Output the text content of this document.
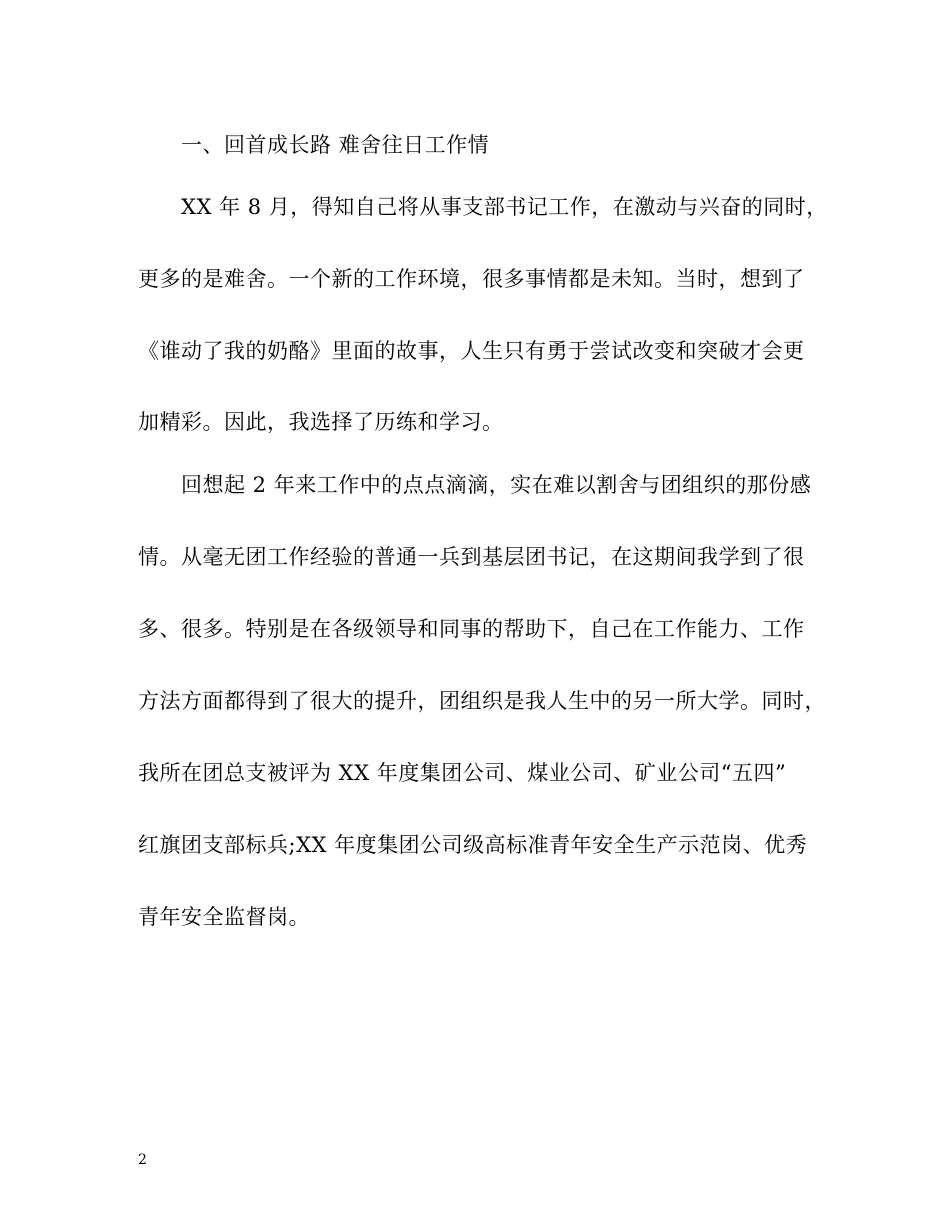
一、回首成长路 难舍往日工作情
XX 年 8 月，得知自己将从事支部书记工作，在激动与兴奋的同时，
更多的是难舍。一个新的工作环境，很多事情都是未知。当时，想到了
《谁动了我的奶酪》里面的故事，人生只有勇于尝试改变和突破才会更
加精彩。因此，我选择了历练和学习。
回想起 2 年来工作中的点点滴滴，实在难以割舍与团组织的那份感
情。从毫无团工作经验的普通一兵到基层团书记，在这期间我学到了很
多、很多。特别是在各级领导和同事的帮助下，自己在工作能力、工作
方法方面都得到了很大的提升，团组织是我人生中的另一所大学。同时，
我所在团总支被评为 XX 年度集团公司、煤业公司、矿业公司“五四”
红旗团支部标兵;XX 年度集团公司级高标准青年安全生产示范岗、优秀
青年安全监督岗。
2
